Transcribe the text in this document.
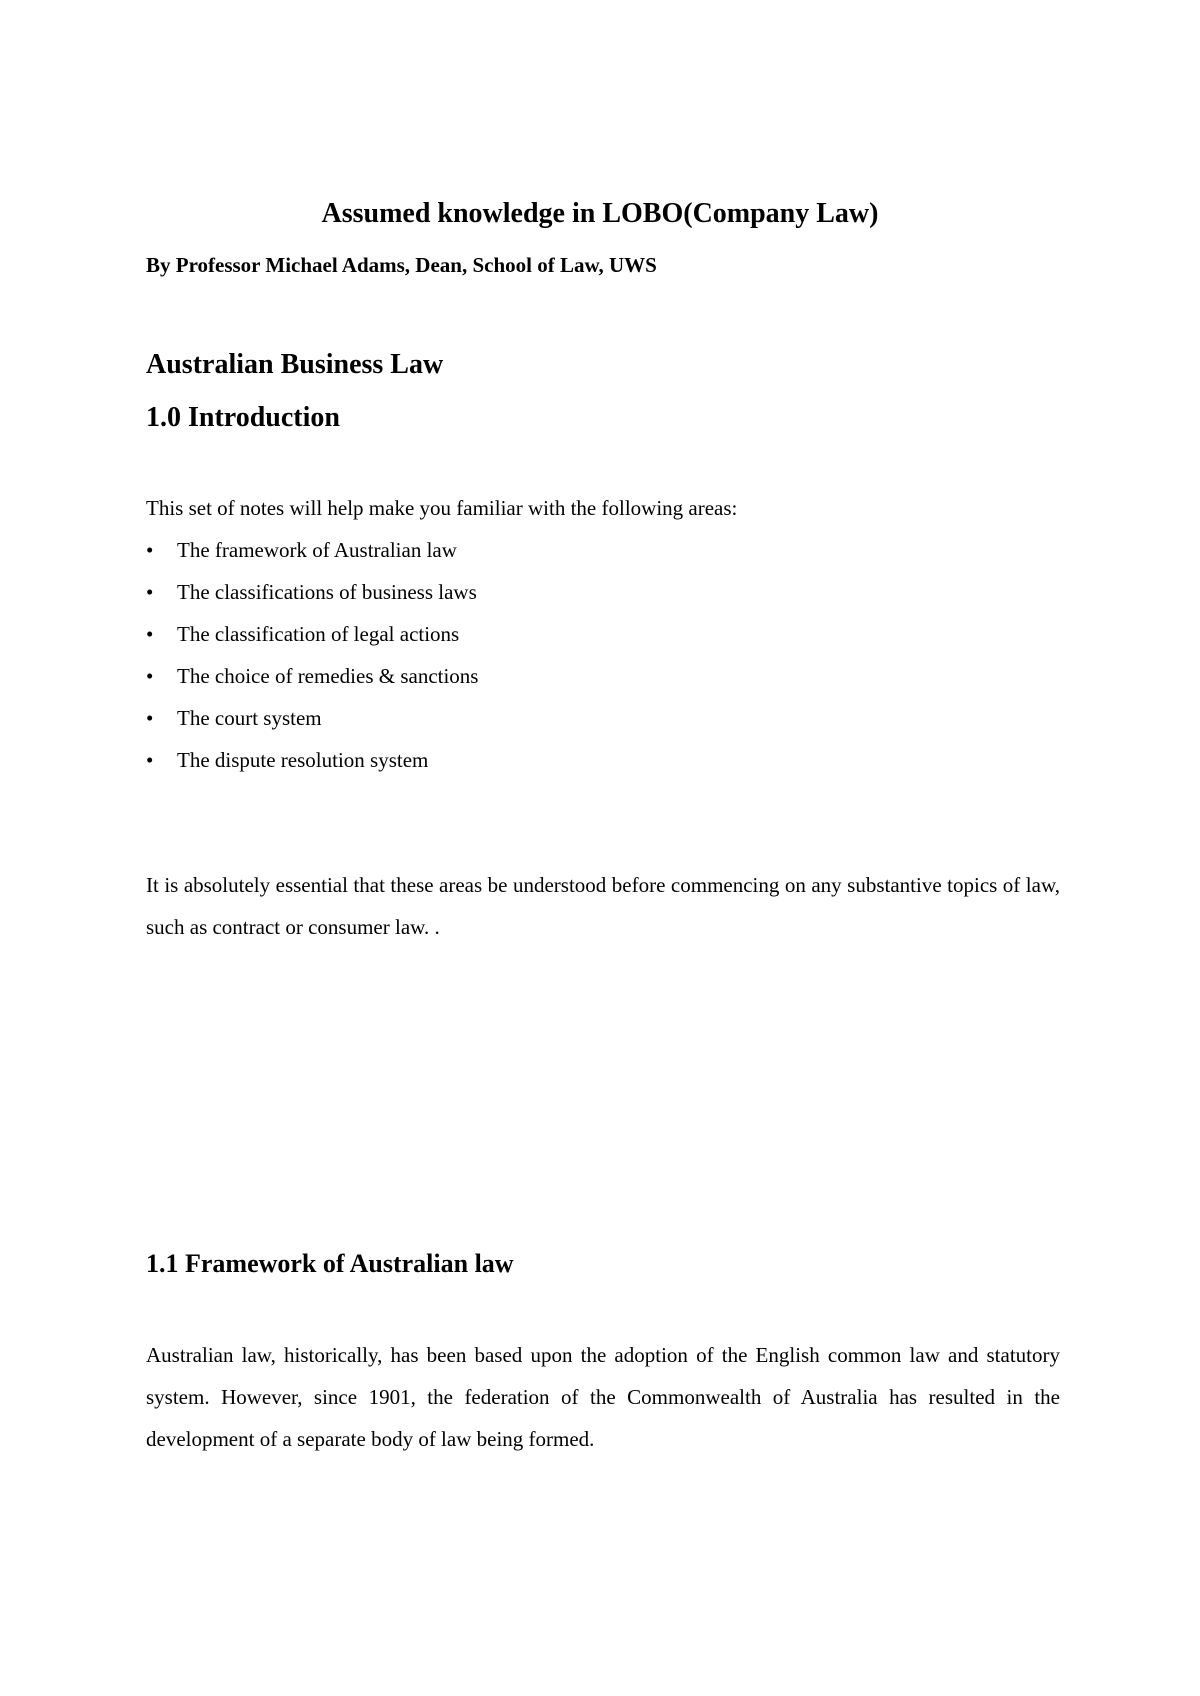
Assumed knowledge in LOBO(Company Law)
By Professor Michael Adams, Dean, School of Law, UWS
Australian Business Law
1.0 Introduction
This set of notes will help make you familiar with the following areas:
• The framework of Australian law
• The classifications of business laws
• The classification of legal actions
• The choice of remedies & sanctions
• The court system
• The dispute resolution system
It is absolutely essential that these areas be understood before commencing on any substantive topics of law, such as contract or consumer law. .
1.1 Framework of Australian law
Australian law, historically, has been based upon the adoption of the English common law and statutory system. However, since 1901, the federation of the Commonwealth of Australia has resulted in the development of a separate body of law being formed.
